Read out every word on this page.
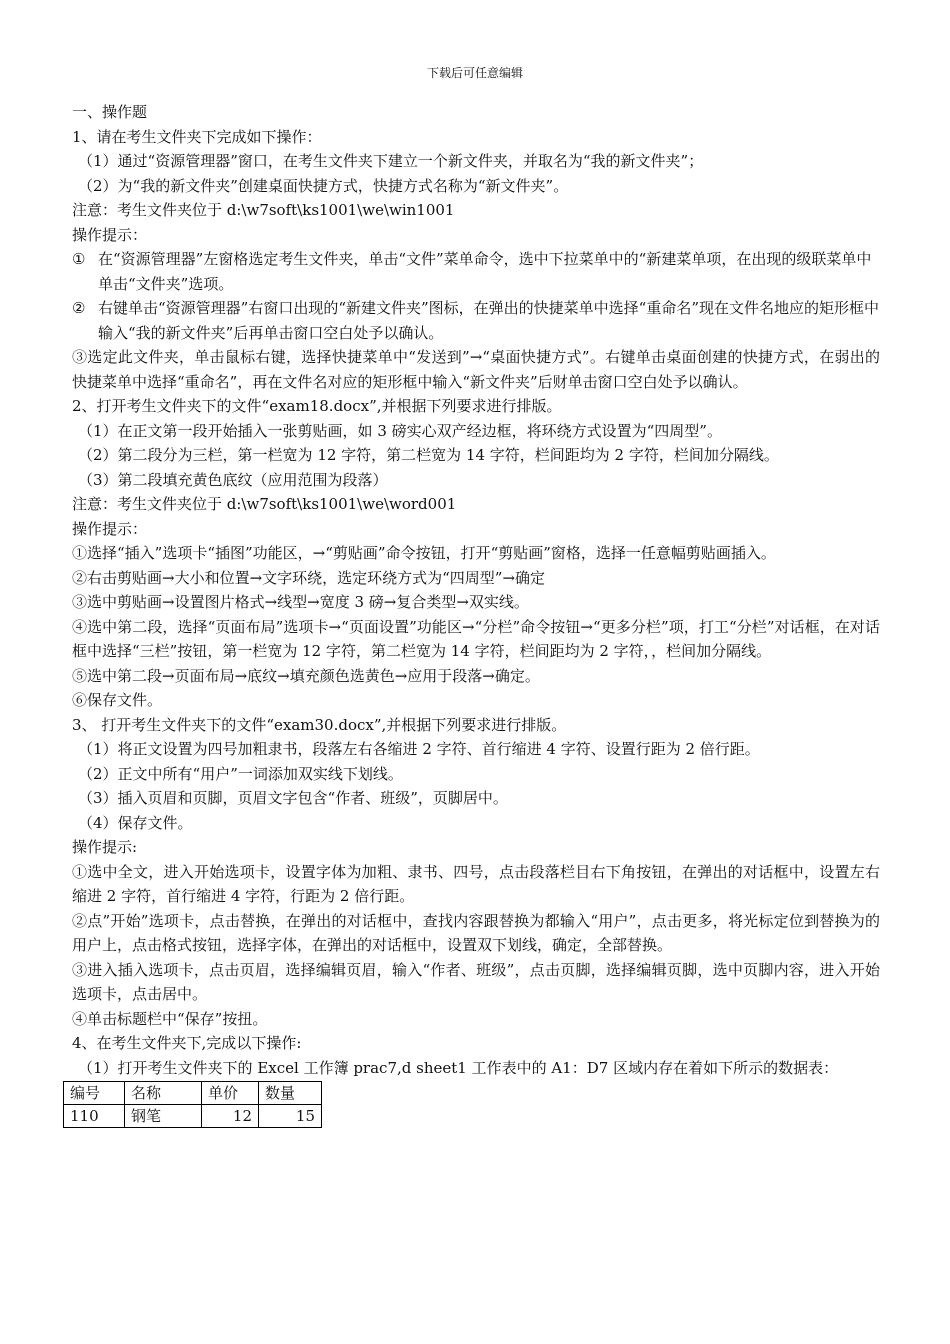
下载后可任意编辑
一、操作题
1、请在考生文件夹下完成如下操作：
（1）通过“资源管理器”窗口，在考生文件夹下建立一个新文件夹，并取名为“我的新文件夹”；
（2）为“我的新文件夹”创建桌面快捷方式，快捷方式名称为“新文件夹”。
注意：考生文件夹位于 d:\w7soft\ks1001\we\win1001
操作提示：
① 在“资源管理器”左窗格选定考生文件夹，单击“文件”菜单命令，选中下拉菜单中的“新建菜单项，在出现的级联菜单中单击“文件夹”选项。
② 右键单击“资源管理器”右窗口出现的“新建文件夹”图标，在弹出的快捷菜单中选择“重命名”现在文件名地应的矩形框中输入“我的新文件夹”后再单击窗口空白处予以确认。
③选定此文件夹，单击鼠标右键，选择快捷菜单中“发送到”→“桌面快捷方式”。右键单击桌面创建的快捷方式，在弱出的快捷菜单中选择“重命名”，再在文件名对应的矩形框中输入“新文件夹”后财单击窗口空白处予以确认。
2、打开考生文件夹下的文件“exam18.docx”,并根据下列要求进行排版。
（1）在正文第一段开始插入一张剪贴画，如 3 磅实心双产经边框，将环绕方式设置为“四周型”。
（2）第二段分为三栏，第一栏宽为 12 字符，第二栏宽为 14 字符，栏间距均为 2 字符，栏间加分隔线。
（3）第二段填充黄色底纹（应用范围为段落）
注意：考生文件夹位于 d:\w7soft\ks1001\we\word001
操作提示：
①选择“插入”选项卡“插图”功能区，→“剪贴画”命令按钮，打开“剪贴画”窗格，选择一任意幅剪贴画插入。
②右击剪贴画→大小和位置→文字环绕，选定环绕方式为“四周型”→确定
③选中剪贴画→设置图片格式→线型→宽度 3 磅→复合类型→双实线。
④选中第二段，选择“页面布局”选项卡→“页面设置”功能区→“分栏”命令按钮→“更多分栏”项，打工“分栏”对话框，在对话框中选择“三栏”按钮，第一栏宽为 12 字符，第二栏宽为 14 字符，栏间距均为 2 字符，，栏间加分隔线。
⑤选中第二段→页面布局→底纹→填充颜色选黄色→应用于段落→确定。
⑥保存文件。
3、 打开考生文件夹下的文件“exam30.docx”,并根据下列要求进行排版。
（1）将正文设置为四号加粗隶书，段落左右各缩进 2 字符、首行缩进 4 字符、设置行距为 2 倍行距。
（2）正文中所有“用户”一词添加双实线下划线。
（3）插入页眉和页脚，页眉文字包含“作者、班级”，页脚居中。
（4）保存文件。
操作提示:
①选中全文，进入开始选项卡，设置字体为加粗、隶书、四号，点击段落栏目右下角按钮，在弹出的对话框中，设置左右缩进 2 字符，首行缩进 4 字符，行距为 2 倍行距。
②点”开始”选项卡，点击替换，在弹出的对话框中，查找内容跟替换为都输入“用户”，点击更多，将光标定位到替换为的用户上，点击格式按钮，选择字体，在弹出的对话框中，设置双下划线，确定，全部替换。
③进入插入选项卡，点击页眉，选择编辑页眉，输入“作者、班级”，点击页脚，选择编辑页脚，选中页脚内容，进入开始选项卡，点击居中。
④单击标题栏中“保存”按扭。
4、在考生文件夹下,完成以下操作:
（1）打开考生文件夹下的 Excel 工作簿 prac7,d sheet1 工作表中的 A1：D7 区域内存在着如下所示的数据表：
编号	名称	单价	数量
110	钢笔	12	15
